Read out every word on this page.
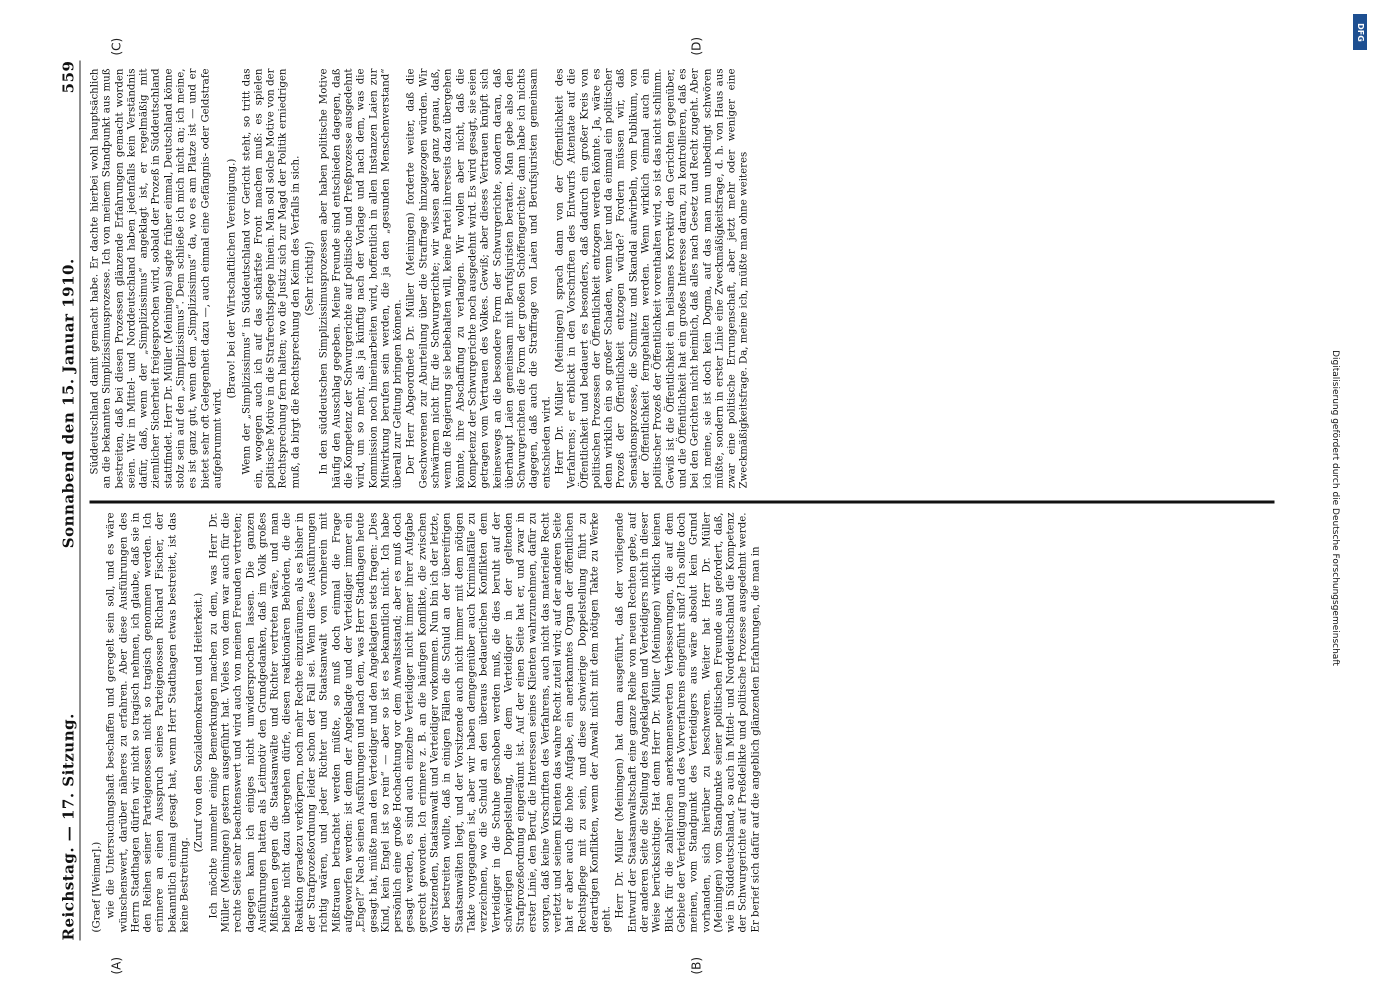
Reichstag. — 17. Sitzung.
Sonnabend den 15. Januar 1910.
559
(A)	(B)
(C)	(D)

(Graef [Weimar].) wie die Untersuchungshaft beschaffen und geregelt sein soll, und es wäre wünschenswert, darüber näheres zu erfahren. Aber diese Ausführungen des Herrn Stadthagen dürfen wir nicht so tragisch nehmen, ich glaube, daß sie in den Reihen seiner Parteigenossen nicht so tragisch genommen werden. Ich erinnere an einen Ausspruch seines Parteigenossen Richard Fischer, der bekanntlich einmal gesagt hat, wenn Herr Stadthagen etwas bestreitet, ist das keine Bestreitung.

(Zuruf von den Sozialdemokraten und Heiterkeit.) Ich möchte nunmehr einige Bemerkungen machen zu dem, was Herr Dr. Müller (Meiningen) gestern ausgeführt hat. Vieles von dem war auch für die rechte Seite sehr beachtenswert und wird auch von meinen Freunden vertreten; dagegen kann ich einiges nicht unwidersprochen lassen. Die ganzen Ausführungen hatten als Leitmotiv den Grundgedanken, daß im Volk großes Mißtrauen gegen die Staatsanwälte und Richter vertreten wäre, und man beliebe nicht dazu übergehen dürfe, diesen reaktionären Behörden, die die Reaktion geradezu verkörpern, noch mehr Rechte einzuräumen, als es bisher in der Strafprozeßordnung leider schon der Fall sei. Wenn diese Ausführungen richtig wären, und jeder Richter und Staatsanwalt von vornherein mit Mißtrauen betrachtet werden müßte, so muß doch einmal die Frage aufgeworfen werden: ist denn der Angeklagte und der Verteidiger immer ein „Engel?“ Nach seinen Ausführungen und nach dem, was Herr Stadthagen heute gesagt hat, müßte man den Verteidiger und den Angeklagten stets fragen: „Dies Kind, kein Engel ist so rein“ — aber so ist es bekanntlich nicht. Ich habe persönlich eine große Hochachtung vor dem Anwaltsstand; aber es muß doch gesagt werden, es sind auch einzelne Verteidiger nicht immer ihrer Aufgabe gerecht geworden. Ich erinnere z. B. an die häufigen Konflikte, die zwischen Vorsitzenden, Staatsanwalt und Verteidiger vorkommen. Nun bin ich der letzte, der bestreiten wollte, daß in einigen Fällen die Schuld an der übereifrigen Staatsanwälten liegt, und der Vorsitzende auch nicht immer mit dem nötigen Takte vorgegangen ist, aber wir haben demgegenüber auch Kriminalfälle zu verzeichnen, wo die Schuld an den überaus bedauerlichen Konflikten dem Verteidiger in die Schuhe geschoben werden muß, die dies beruht auf der schwierigen Doppelstellung, die dem Verteidiger in der geltenden Strafprozeßordnung eingeräumt ist. Auf der einen Seite hat er, und zwar in erster Linie, den Beruf, die Interessen seines Klienten wahrzunehmen, dafür zu sorgen, daß keine Vorschriften des Verfahrens, auch nicht das materielle Recht verletzt und seinem Klienten das wahre Recht zuteil wird; auf der anderen Seite hat er aber auch die hohe Aufgabe, ein anerkanntes Organ der öffentlichen Rechtspflege mit zu sein, und diese schwierige Doppelstellung führt zu derartigen Konflikten, wenn der Anwalt nicht mit dem nötigen Takte zu Werke geht.

Herr Dr. Müller (Meiningen) hat dann ausgeführt, daß der vorliegende Entwurf der Staatsanwaltschaft eine ganze Reihe von neuen Rechten gebe, auf der anderen Seite die Stellung des Angeklagten und Verteidigers nicht in dieser Weise berücksichtige. Hat denn Herr Dr. Müller (Meiningen) wirklich keinen Blick für die zahlreichen anerkennenswerten Verbesserungen, die auf dem Gebiete der Verteidigung und des Vorverfahrens eingeführt sind? Ich sollte doch meinen, vom Standpunkt des Verteidigers aus wäre absolut kein Grund vorhanden, sich hierüber zu beschweren. Weiter hat Herr Dr. Müller (Meiningen) vom Standpunkte seiner politischen Freunde aus gefordert, daß, wie in Süddeutschland, so auch in Mittel- und Norddeutschland die Kompetenz der Schwurgerichte auf Preßdelikte und politische Prozesse ausgedehnt werde. Er berief sich dafür auf die angeblich glänzenden Erfahrungen, die man in

Süddeutschland damit gemacht habe. Er dachte hierbei wohl hauptsächlich an die bekannten Simplizissimusprozesse. Ich von meinem Standpunkt aus muß bestreiten, daß bei diesen Prozessen glänzende Erfahrungen gemacht worden seien. Wir in Mittel- und Norddeutschland haben jedenfalls kein Verständnis dafür, daß, wenn der „Simplizissimus“ angeklagt ist, er regelmäßig mit ziemlicher Sicherheit freigesprochen wird, sobald der Prozeß in Süddeutschland stattfindet. Herr Dr. Müller (Meiningen) sagte früher einmal, Deutschland könne stolz sein auf den „Simplizissimus“. Dem schließe ich mich nicht an; ich meine, es ist ganz gut, wenn dem „Simplizissimus“ da, wo es am Platze ist — und er bietet sehr oft Gelegenheit dazu —, auch einmal eine Gefängnis- oder Geldstrafe aufgebrummt wird.

(Bravo! bei der Wirtschaftlichen Vereinigung.) Wenn der „Simplizissimus“ in Süddeutschland vor Gericht steht, so tritt das ein, wogegen auch ich auf das schärfste Front machen muß: es spielen politische Motive in die Strafrechtspflege hinein. Man soll solche Motive von der Rechtsprechung fern halten; wo die Justiz sich zur Magd der Politik erniedrigen muß, da birgt die Rechtsprechung den Keim des Verfalls in sich. (Sehr richtig!) In den süddeutschen Simplizissimusprozessen aber haben politische Motive häufig den Ausschlag gegeben. Meine Freunde sind entschieden dagegen, daß die Kompetenz der Schwurgerichte auf politische und Preßprozesse ausgedehnt wird, um so mehr, als ja künftig nach der Vorlage und nach dem, was die Kommission noch hineinarbeiten wird, hoffentlich in allen Instanzen Laien zur Mitwirkung berufen sein werden, die ja den „gesunden Menschenverstand“ überall zur Geltung bringen können. Der Herr Abgeordnete Dr. Müller (Meiningen) forderte weiter, daß die Geschworenen zur Aburteilung über die Straffrage hinzugezogen würden. Wir schwärmen nicht für die Schwurgerichte; wir wissen aber ganz genau, daß, wenn die Regierung sie beibehalten will, keine Partei ihrerseits dazu übergehen könnte, ihre Abschaffung zu verlangen. Wir wollen aber nicht, daß die Kompetenz der Schwurgerichte noch ausgedehnt wird. Es wird gesagt, sie seien getragen vom Vertrauen des Volkes. Gewiß; aber dieses Vertrauen knüpft sich keineswegs an die besondere Form der Schwurgerichte, sondern daran, daß überhaupt Laien gemeinsam mit Berufsjuristen beraten. Man gebe also den Schwurgerichten die Form der großen Schöffengerichte; dann habe ich nichts dagegen, daß auch die Straffrage von Laien und Berufsjuristen gemeinsam entschieden wird. Herr Dr. Müller (Meiningen) sprach dann von der Öffentlichkeit des Verfahrens; er erblickt in den Vorschriften des Entwurfs Attentate auf die Öffentlichkeit und bedauert es besonders, daß dadurch ein großer Kreis von politischen Prozessen der Öffentlichkeit entzogen werden könnte. Ja, wäre es denn wirklich ein so großer Schaden, wenn hier und da einmal ein politischer Prozeß der Öffentlichkeit entzogen würde? Fordern müssen wir, daß Sensationsprozesse, die Schmutz und Skandal aufwirbeln, vom Publikum, von der Öffentlichkeit ferngehalten werden. Wenn wirklich einmal auch ein politischer Prozeß der Öffentlichkeit vorenthalten wird, so ist das nicht schlimm. Gewiß ist die Öffentlichkeit ein heilsames Korrektiv den Gerichten gegenüber, und die Öffentlichkeit hat ein großes Interesse daran, zu kontrollieren, daß es bei den Gerichten nicht heimlich, daß alles nach Gesetz und Recht zugeht. Aber ich meine, sie ist doch kein Dogma, auf das man nun unbedingt schwören müßte, sondern in erster Linie eine Zweckmäßigkeitsfrage, d. h. von Haus aus zwar eine politische Errungenschaft, aber jetzt mehr oder weniger eine Zweckmäßigkeitsfrage. Da, meine ich, müßte man ohne weiteres

DFG
Digitalisierung gefördert durch die Deutsche Forschungsgemeinschaft
